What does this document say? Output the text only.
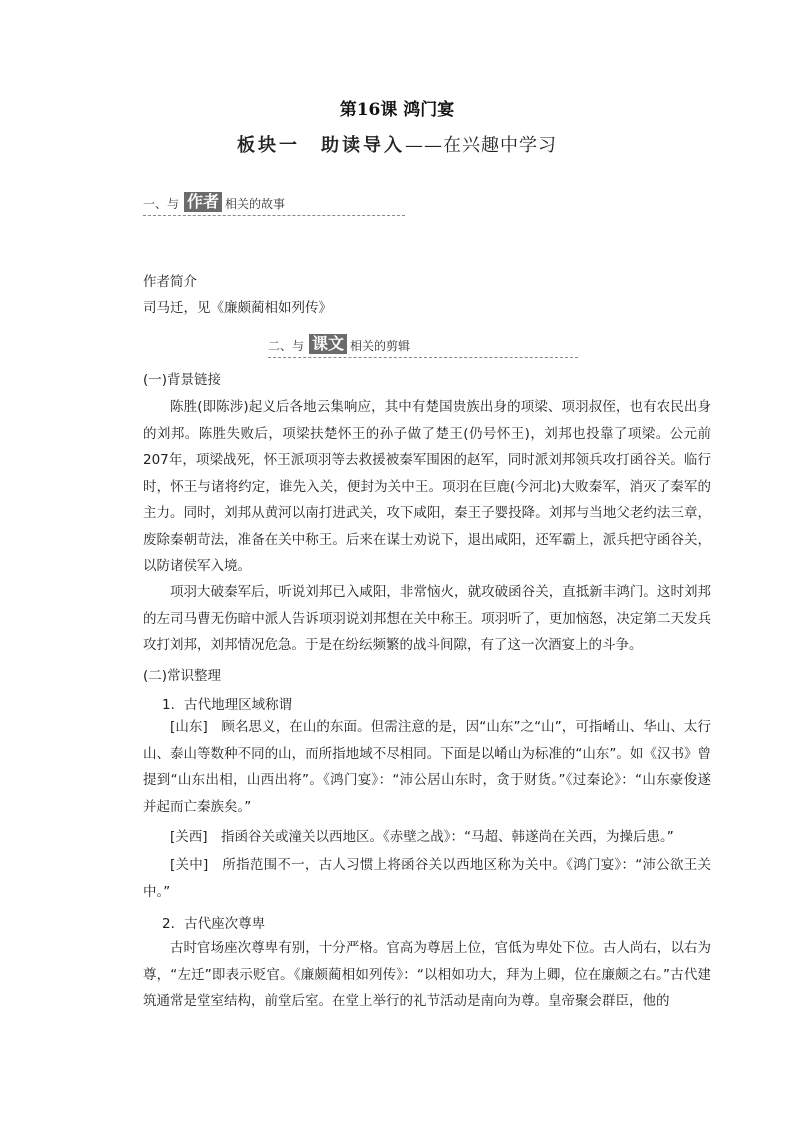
第16课 鸿门宴
板块一　助读导入——在兴趣中学习
一、与 作者 相关的故事
作者简介
司马迁，见《廉颇蔺相如列传》
二、与 课文 相关的剪辑
(一)背景链接

陈胜(即陈涉)起义后各地云集响应，其中有楚国贵族出身的项梁、项羽叔侄，也有农民出身的刘邦。陈胜失败后，项梁扶楚怀王的孙子做了楚王(仍号怀王)，刘邦也投靠了项梁。公元前207年，项梁战死，怀王派项羽等去救援被秦军围困的赵军，同时派刘邦领兵攻打函谷关。临行时，怀王与诸将约定，谁先入关，便封为关中王。项羽在巨鹿(今河北)大败秦军，消灭了秦军的主力。同时，刘邦从黄河以南打进武关，攻下咸阳，秦王子婴投降。刘邦与当地父老约法三章，废除秦朝苛法，准备在关中称王。后来在谋士劝说下，退出咸阳，还军霸上，派兵把守函谷关，以防诸侯军入境。

项羽大破秦军后，听说刘邦已入咸阳，非常恼火，就攻破函谷关，直抵新丰鸿门。这时刘邦的左司马曹无伤暗中派人告诉项羽说刘邦想在关中称王。项羽听了，更加恼怒，决定第二天发兵攻打刘邦，刘邦情况危急。于是在纷纭频繁的战斗间隙，有了这一次酒宴上的斗争。

(二)常识整理
1．古代地理区域称谓

[山东]　 顾名思义，在山的东面。但需注意的是，因“山东”之“山”，可指崤山、华山、太行山、泰山等数种不同的山，而所指地域不尽相同。下面是以崤山为标准的“山东”。如《汉书》曾提到“山东出相，山西出将”。《鸿门宴》：“沛公居山东时，贪于财货。”《过秦论》：“山东豪俊遂并起而亡秦族矣。”

[关西]　 指函谷关或潼关以西地区。《赤壁之战》：“马超、韩遂尚在关西，为操后患。”

[关中]　 所指范围不一，古人习惯上将函谷关以西地区称为关中。《鸿门宴》：“沛公欲王关中。”

2．古代座次尊卑

古时官场座次尊卑有别，十分严格。官高为尊居上位，官低为卑处下位。古人尚右，以右为尊，“左迁”即表示贬官。《廉颇蔺相如列传》：“以相如功大，拜为上卿，位在廉颇之右。”古代建筑通常是堂室结构，前堂后室。在堂上举行的礼节活动是南向为尊。皇帝聚会群臣，他的
